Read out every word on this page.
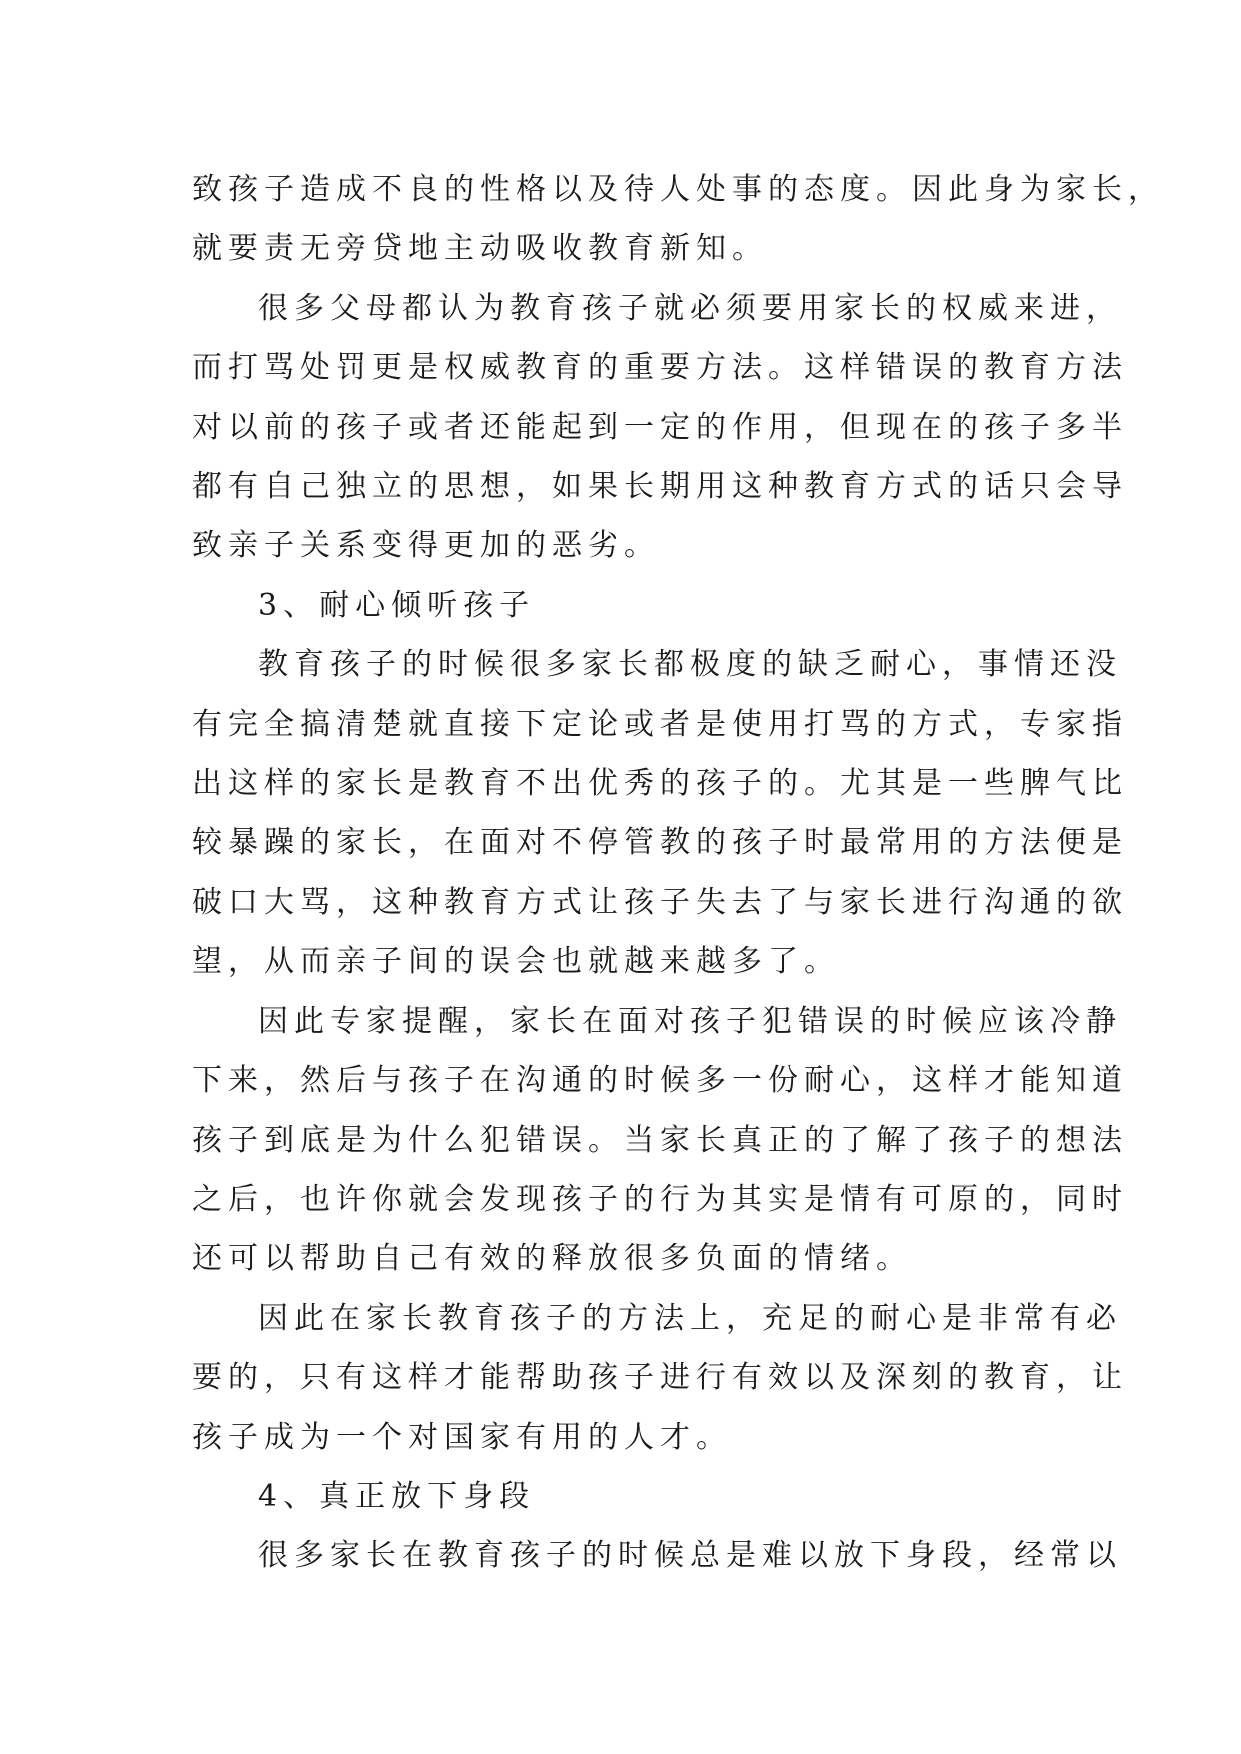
致孩子造成不良的性格以及待人处事的态度。因此身为家长，
就要责无旁贷地主动吸收教育新知。
很多父母都认为教育孩子就必须要用家长的权威来进，
而打骂处罚更是权威教育的重要方法。这样错误的教育方法
对以前的孩子或者还能起到一定的作用，但现在的孩子多半
都有自己独立的思想，如果长期用这种教育方式的话只会导
致亲子关系变得更加的恶劣。
3、耐心倾听孩子
教育孩子的时候很多家长都极度的缺乏耐心，事情还没
有完全搞清楚就直接下定论或者是使用打骂的方式，专家指
出这样的家长是教育不出优秀的孩子的。尤其是一些脾气比
较暴躁的家长，在面对不停管教的孩子时最常用的方法便是
破口大骂，这种教育方式让孩子失去了与家长进行沟通的欲
望，从而亲子间的误会也就越来越多了。
因此专家提醒，家长在面对孩子犯错误的时候应该冷静
下来，然后与孩子在沟通的时候多一份耐心，这样才能知道
孩子到底是为什么犯错误。当家长真正的了解了孩子的想法
之后，也许你就会发现孩子的行为其实是情有可原的，同时
还可以帮助自己有效的释放很多负面的情绪。
因此在家长教育孩子的方法上，充足的耐心是非常有必
要的，只有这样才能帮助孩子进行有效以及深刻的教育，让
孩子成为一个对国家有用的人才。
4、真正放下身段
很多家长在教育孩子的时候总是难以放下身段，经常以
